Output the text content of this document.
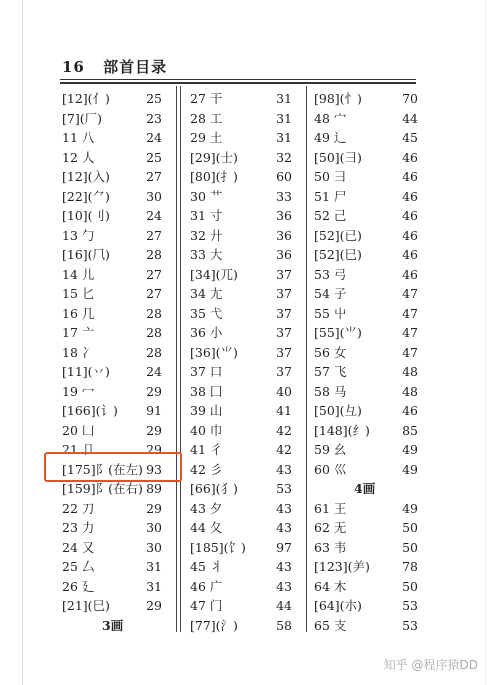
16 部首目录
[12](亻)	25
[7](厂)	23
11 八	24
12 人	25
[12](入)	27
[22](⺈)	30
[10](刂)	24
13 勹	27
[16](⺇)	28
14 儿	27
15 匕	27
16 几	28
17 亠	28
18 冫	28
[11](丷)	24
19 冖	29
[166](讠)	91
20 凵	29
21 卩	29
[175]阝(在左) 93
[159]阝(在右) 89
22 刀	29
23 力	30
24 又	30
25 厶	31
26 廴	31
[21](巳)	29
3画
27 干	31
28 工	31
29 土	31
[29](士)	32
[80](扌)	60
30 艹	33
31 寸	36
32 廾	36
33 大	36
[34](兀)	37
34 尢	37
35 弋	37
36 小	37
[36](⺌)	37
37 口	37
38 囗	40
39 山	41
40 巾	42
41 彳	42
42 彡	43
[66](犭)	53
43 夕	43
44 夂	43
[185](饣)	97
45 丬	43
46 广	43
47 门	44
[77](氵)	58
[98](忄)	70
48 宀	44
49 辶	45
[50](彐)	46
50 彐	46
51 尸	46
52 己	46
[52](已)	46
[52](巳)	46
53 弓	46
54 子	47
55 屮	47
[55](⺌)	47
56 女	47
57 飞	48
58 马	48
[50](彑)	46
[148](纟)	85
59 幺	49
60 巛	49
4画
61 王	49
62 无	50
63 韦	50
[123](⺶)	78
64 木	50
[64](朩)	53
65 支	53
知乎 @程序猿DD
